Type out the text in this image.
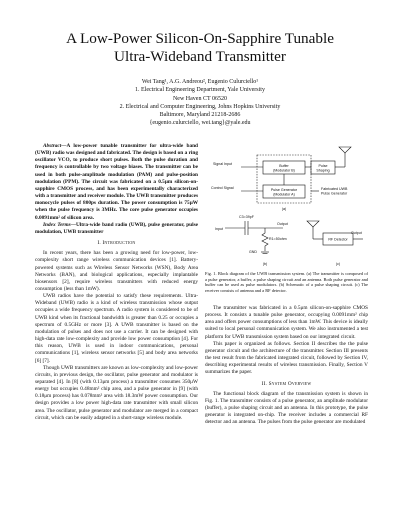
A Low-Power Silicon-On-Sapphire Tunable
Ultra-Wideband Transmitter
Wei Tang¹, A.G. Andreou², Eugenio Culurciello¹
1. Electrical Engineering Department, Yale University
New Haven CT 06520
2. Electrical and Computer Engineering, Johns Hopkins University
Baltimore, Maryland 21218-2686
{eugenio.culurciello, wei.tang}@yale.edu

Abstract—A low-power tunable transmitter for ultra-wide band (UWB) radio was designed and fabricated. The design is based on a ring oscillator VCO, to produce short pulses. Both the pulse duration and frequency is controllable by two voltage biases. The transmitter can be used in both pulse-amplitude modulation (PAM) and pulse-position modulation (PPM). The circuit was fabricated on a 0.5μm silicon-on-sapphire CMOS process, and has been experimentally characterized with a transmitter and receiver module. The UWB transmitter produces monocycle pulses of 800ps duration. The power consumption is 75μW when the pulse frequency is 3MHz. The core pulse generator occupies 0.0091mm² of silicon area.

Index Terms—Ultra-wide band radio (UWB), pulse generator, pulse modulation, UWB transmitter

I. Introduction

In recent years, there has been a growing need for low-power, low-complexity short range wireless communication devices [1]. Battery-powered systems such as Wireless Sensor Networks (WSN), Body Area Networks (BAN), and biological applications, especially implantable biosensors [2], require wireless transmitters with reduced energy consumption (less than 1mW).

UWB radios have the potential to satisfy these requirements. Ultra-Wideband (UWB) radio is a kind of wireless transmission whose output occupies a wide frequency spectrum. A radio system is considered to be of UWB kind when its fractional bandwidth is greater than 0.25 or occupies a spectrum of 0.5GHz or more [3]. A UWB transmitter is based on the modulation of pulses and does not use a carrier. It can be designed with high-data rate low-complexity and provide low power consumption [4]. For this reason, UWB is used in indoor communications, personal communications [1], wireless sensor networks [5] and body area networks [6] [7].

Though UWB transmitters are known as low-complexity and low-power circuits, in previous design, the oscillator, pulse generator and modulator is separated [4]. In [8] (with 0.13μm process) a transmitter consumes 350μW energy but occupies 0.48mm² chip area, and a pulse generator in [9] (with 0.18μm process) has 0.078mm² area with 18.3mW power consumption. Our design provides a low power high-data rate transmitter with small silicon area. The oscillator, pulse generator and modulator are merged in a compact circuit, which can be easily adapted in a short-range wireless module.

Signal Input
Control Signal
Buffer
(Modulator B)
Pulse
Shaping
Pulse Generator
(Modulator A)
Fabricated UWB
Pulse Generator
(a)
C3=39pF
Input
Output
R1=50ohm
GND
(b)
RF Detector
Output
(c)
Fig. 1. Block diagram of the UWB transmission system. (a) The transmitter is composed of a pulse generator, a buffer, a pulse shaping circuit and an antenna. Both pulse generator and buffer can be used as pulse modulators. (b) Schematic of a pulse shaping circuit. (c) The receiver consists of antenna and a RF detector.

The transmitter was fabricated in a 0.5μm silicon-on-sapphire CMOS process. It consists a tunable pulse generator, occupying 0.0091mm² chip area and offers power consumptions of less than 1mW. This device is ideally suited to local personal communication system. We also instrumented a test platform for UWB transmission system based on our integrated circuit.

This paper is organized as follows. Section II describes the the pulse generator circuit and the architecture of the transmitter. Section III presents the test result from the fabricated integrated circuit, followed by Section IV, describing experimental results of wireless transmission. Finally, Section V summarizes the paper.

II. System Overview

The functional block diagram of the transmission system is shown in Fig. 1. The transmitter consists of a pulse generator, an amplitude modulator (buffer), a pulse shaping circuit and an antenna. In this prototype, the pulse generator is integrated on-chip. The receiver includes a commercial RF detector and an antenna. The pulses from the pulse generator are modulated
